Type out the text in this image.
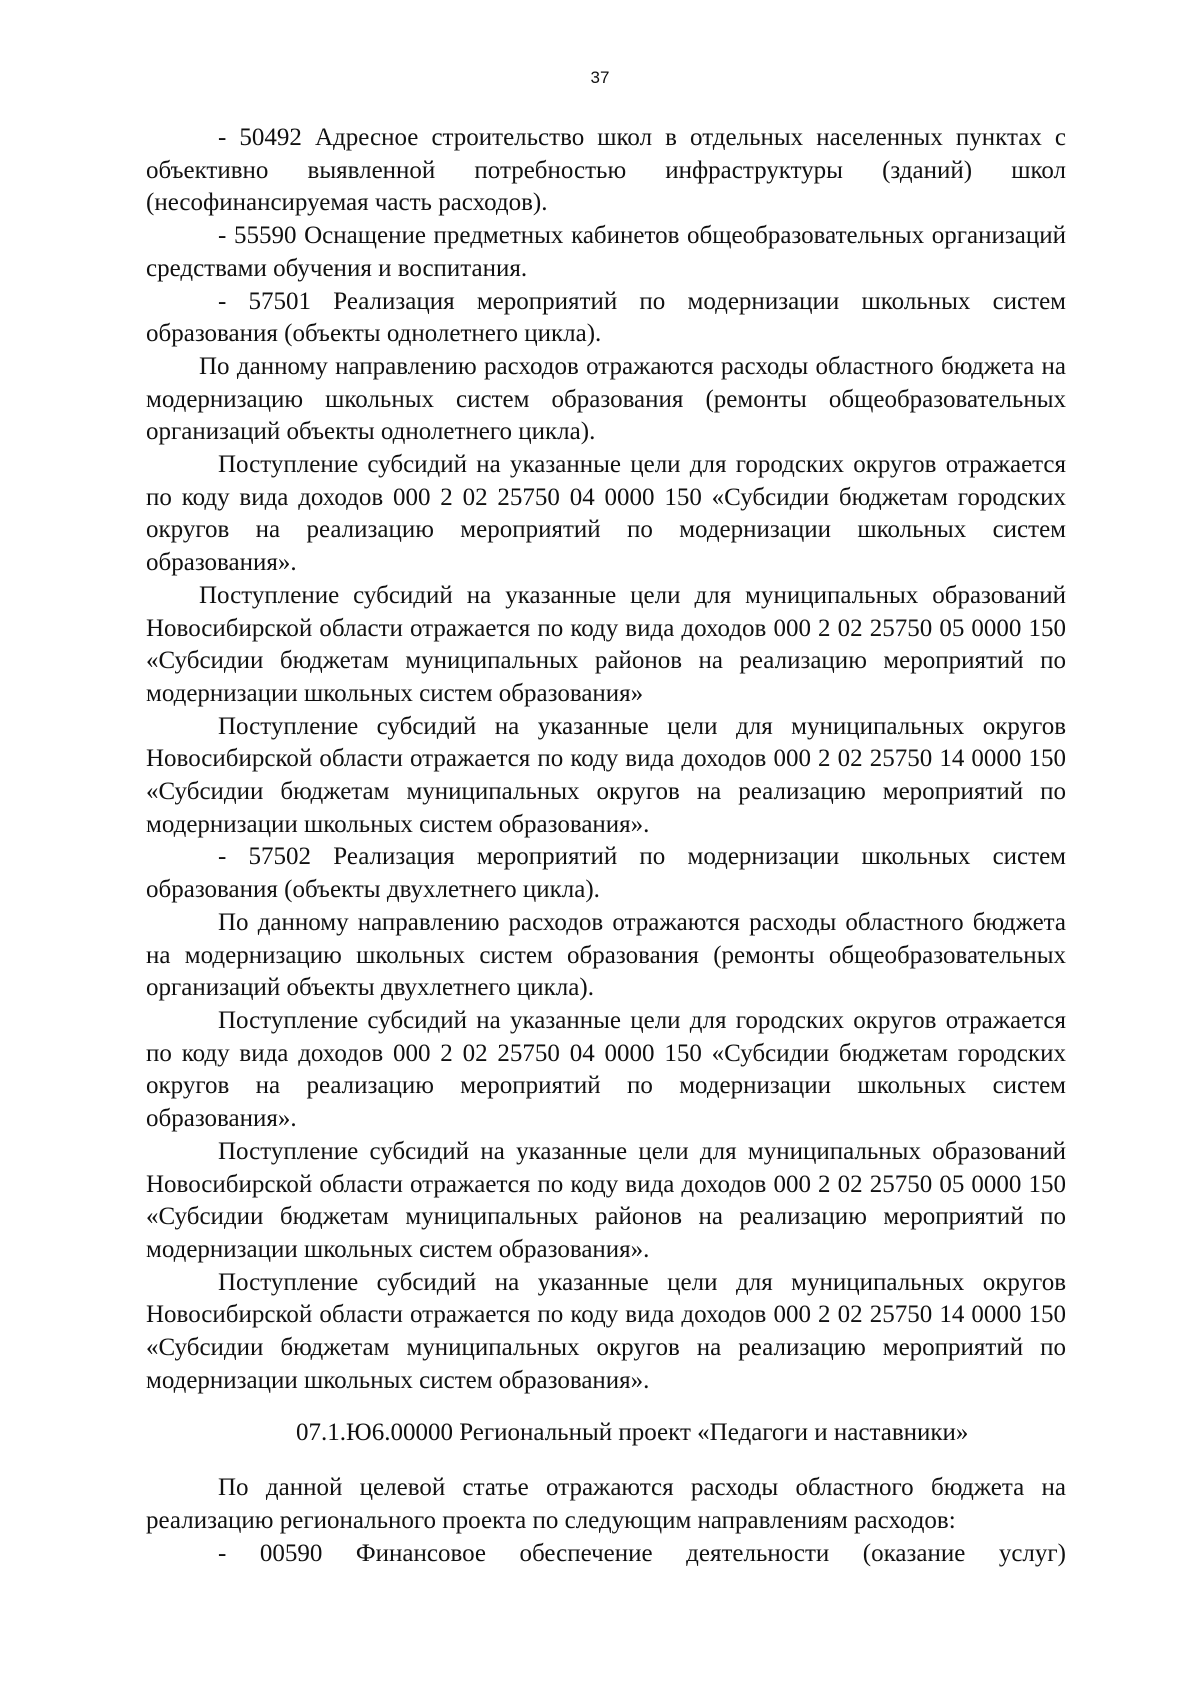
37

- 50492 Адресное строительство школ в отдельных населенных пунктах с объективно выявленной потребностью инфраструктуры (зданий) школ (несофинансируемая часть расходов).

- 55590 Оснащение предметных кабинетов общеобразовательных организаций средствами обучения и воспитания.

- 57501 Реализация мероприятий по модернизации школьных систем образования (объекты однолетнего цикла).

По данному направлению расходов отражаются расходы областного бюджета на модернизацию школьных систем образования (ремонты общеобразовательных организаций объекты однолетнего цикла).

Поступление субсидий на указанные цели для городских округов отражается по коду вида доходов 000 2 02 25750 04 0000 150 «Субсидии бюджетам городских округов на реализацию мероприятий по модернизации школьных систем образования».

Поступление субсидий на указанные цели для муниципальных образований Новосибирской области отражается по коду вида доходов 000 2 02 25750 05 0000 150 «Субсидии бюджетам муниципальных районов на реализацию мероприятий по модернизации школьных систем образования»

Поступление субсидий на указанные цели для муниципальных округов Новосибирской области отражается по коду вида доходов 000 2 02 25750 14 0000 150 «Субсидии бюджетам муниципальных округов на реализацию мероприятий по модернизации школьных систем образования».

- 57502 Реализация мероприятий по модернизации школьных систем образования (объекты двухлетнего цикла).

По данному направлению расходов отражаются расходы областного бюджета на модернизацию школьных систем образования (ремонты общеобразовательных организаций объекты двухлетнего цикла).

Поступление субсидий на указанные цели для городских округов отражается по коду вида доходов 000 2 02 25750 04 0000 150 «Субсидии бюджетам городских округов на реализацию мероприятий по модернизации школьных систем образования».

Поступление субсидий на указанные цели для муниципальных образований Новосибирской области отражается по коду вида доходов 000 2 02 25750 05 0000 150 «Субсидии бюджетам муниципальных районов на реализацию мероприятий по модернизации школьных систем образования».

Поступление субсидий на указанные цели для муниципальных округов Новосибирской области отражается по коду вида доходов 000 2 02 25750 14 0000 150 «Субсидии бюджетам муниципальных округов на реализацию мероприятий по модернизации школьных систем образования».

07.1.Ю6.00000 Региональный проект «Педагоги и наставники»

По данной целевой статье отражаются расходы областного бюджета на реализацию регионального проекта по следующим направлениям расходов:

- 00590 Финансовое обеспечение деятельности (оказание услуг)
